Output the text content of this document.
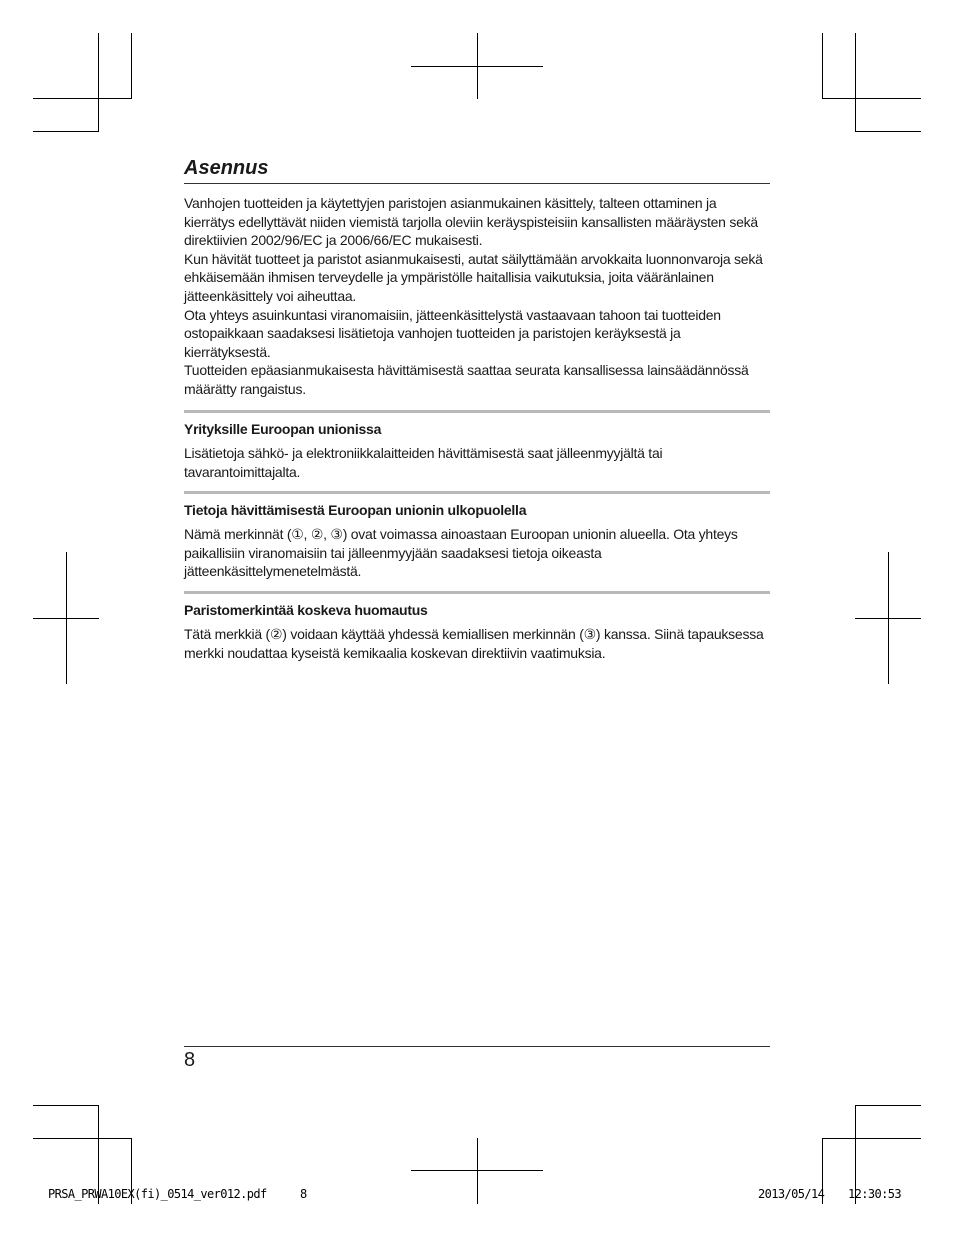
Asennus

Vanhojen tuotteiden ja käytettyjen paristojen asianmukainen käsittely, talteen ottaminen ja kierrätys edellyttävät niiden viemistä tarjolla oleviin keräyspisteisiin kansallisten määräysten sekä direktiivien 2002/96/EC ja 2006/66/EC mukaisesti.

Kun hävität tuotteet ja paristot asianmukaisesti, autat säilyttämään arvokkaita luonnonvaroja sekä ehkäisemään ihmisen terveydelle ja ympäristölle haitallisia vaikutuksia, joita vääränlainen jätteenkäsittely voi aiheuttaa.

Ota yhteys asuinkuntasi viranomaisiin, jätteenkäsittelystä vastaavaan tahoon tai tuotteiden ostopaikkaan saadaksesi lisätietoja vanhojen tuotteiden ja paristojen keräyksestä ja kierrätyksestä.

Tuotteiden epäasianmukaisesta hävittämisestä saattaa seurata kansallisessa lainsäädännössä määrätty rangaistus.

Yrityksille Euroopan unionissa

Lisätietoja sähkö- ja elektroniikkalaitteiden hävittämisestä saat jälleenmyyjältä tai tavarantoimittajalta.

Tietoja hävittämisestä Euroopan unionin ulkopuolella

Nämä merkinnät (①, ②, ③) ovat voimassa ainoastaan Euroopan unionin alueella. Ota yhteys paikallisiin viranomaisiin tai jälleenmyyjään saadaksesi tietoja oikeasta jätteenkäsittelymenetelmästä.

Paristomerkintää koskeva huomautus

Tätä merkkiä (②) voidaan käyttää yhdessä kemiallisen merkinnän (③) kanssa. Siinä tapauksessa merkki noudattaa kyseistä kemikaalia koskevan direktiivin vaatimuksia.

8
PRSA_PRWA10EX(fi)_0514_ver012.pdf	8	2013/05/14 12:30:53
